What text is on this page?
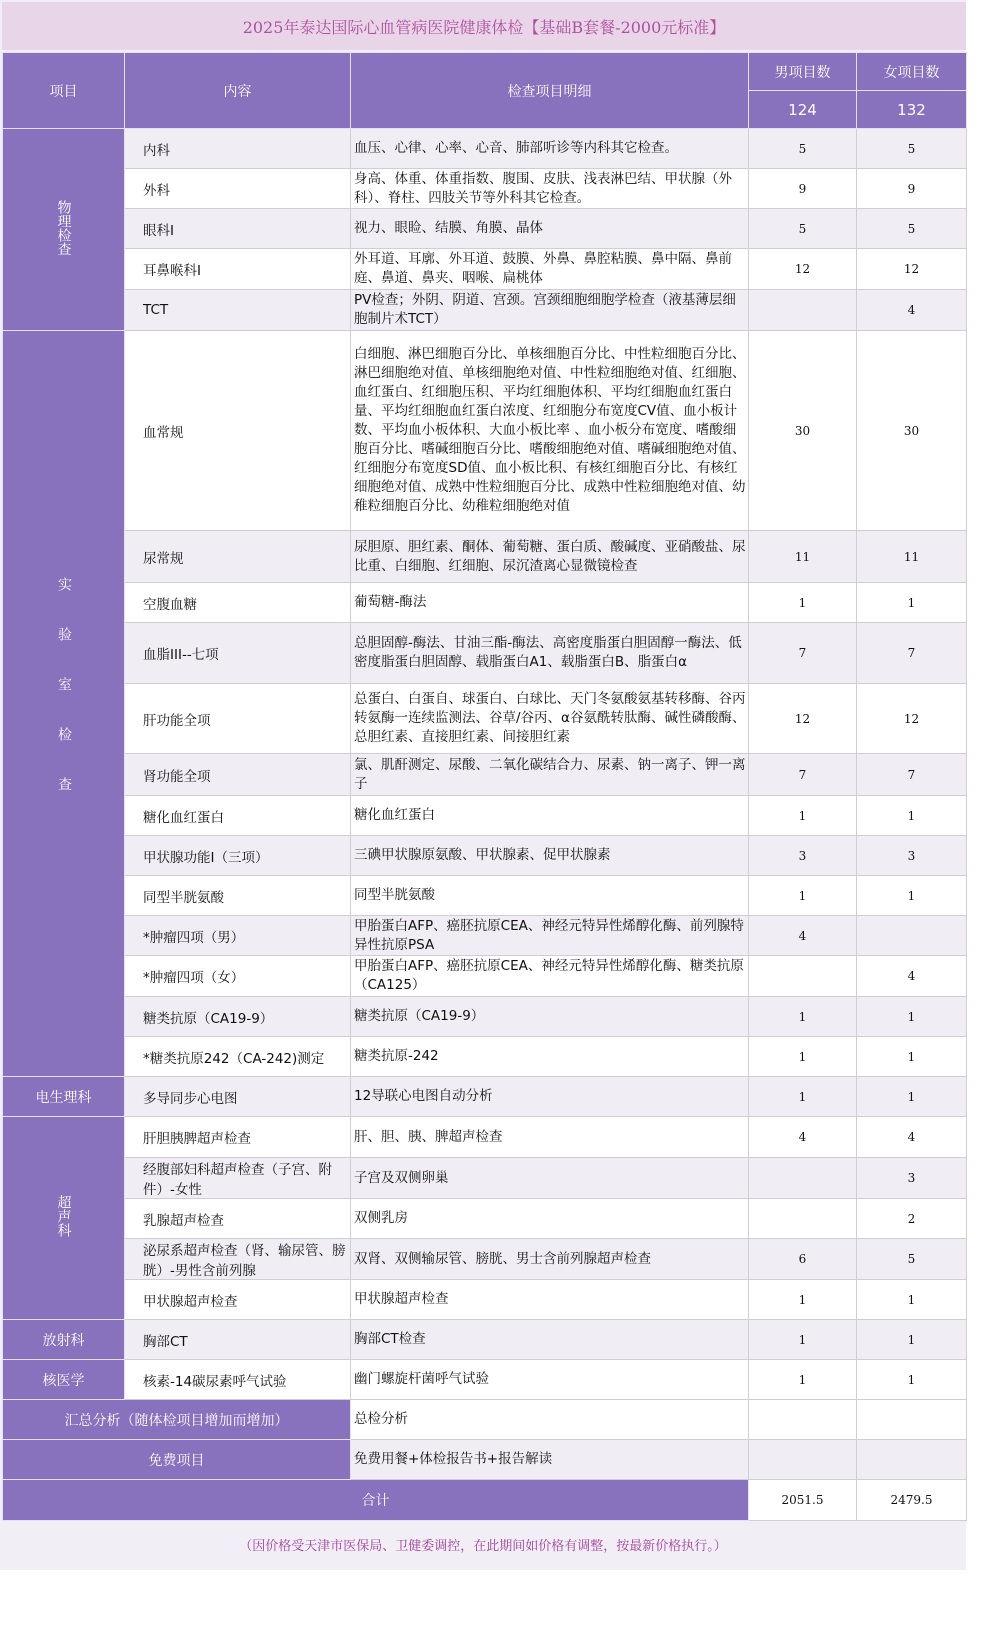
2025年泰达国际心血管病医院健康体检【基础B套餐-2000元标准】
项目	内容	检查项目明细	男项目数	女项目数
			124	132
物理检查	内科	血压、心律、心率、心音、肺部听诊等内科其它检查。	5	5
	外科	身高、体重、体重指数、腹围、皮肤、浅表淋巴结、甲状腺（外科）、脊柱、四肢关节等外科其它检查。	9	9
	眼科I	视力、眼睑、结膜、角膜、晶体	5	5
	耳鼻喉科I	外耳道、耳廓、外耳道、鼓膜、外鼻、鼻腔粘膜、鼻中隔、鼻前庭、鼻道、鼻夹、咽喉、扁桃体	12	12
	TCT	PV检查；外阴、阴道、宫颈。宫颈细胞细胞学检查（液基薄层细胞制片术TCT）		4
实验室检查	血常规	白细胞、淋巴细胞百分比、单核细胞百分比、中性粒细胞百分比、淋巴细胞绝对值、单核细胞绝对值、中性粒细胞绝对值、红细胞、血红蛋白、红细胞压积、平均红细胞体积、平均红细胞血红蛋白量、平均红细胞血红蛋白浓度、红细胞分布宽度CV值、血小板计数、平均血小板体积、大血小板比率 、血小板分布宽度、嗜酸细胞百分比、嗜碱细胞百分比、嗜酸细胞绝对值、嗜碱细胞绝对值、红细胞分布宽度SD值、血小板比积、有核红细胞百分比、有核红细胞绝对值、成熟中性粒细胞百分比、成熟中性粒细胞绝对值、幼稚粒细胞百分比、幼稚粒细胞绝对值	30	30
	尿常规	尿胆原、胆红素、酮体、葡萄糖、蛋白质、酸碱度、亚硝酸盐、尿比重、白细胞、红细胞、尿沉渣离心显微镜检查	11	11
	空腹血糖	葡萄糖-酶法	1	1
	血脂III--七项	总胆固醇-酶法、甘油三酯-酶法、高密度脂蛋白胆固醇一酶法、低密度脂蛋白胆固醇、载脂蛋白A1、载脂蛋白B、脂蛋白α	7	7
	肝功能全项	总蛋白、白蛋自、球蛋白、白球比、天门冬氨酸氨基转移酶、谷丙转氨酶一连续监测法、谷草/谷丙、α谷氨酰转肽酶、碱性磷酸酶、总胆红素、直接胆红素、间接胆红素	12	12
	肾功能全项	氯、肌酐测定、尿酸、二氧化碳结合力、尿素、钠一离子、钾一离子	7	7
	糖化血红蛋白	糖化血红蛋白	1	1
	甲状腺功能I（三项）	三碘甲状腺原氨酸、甲状腺素、促甲状腺素	3	3
	同型半胱氨酸	同型半胱氨酸	1	1
	*肿瘤四项（男）	甲胎蛋白AFP、癌胚抗原CEA、神经元特异性烯醇化酶、前列腺特异性抗原PSA	4	
	*肿瘤四项（女）	甲胎蛋白AFP、癌胚抗原CEA、神经元特异性烯醇化酶、糖类抗原（CA125）		4
	糖类抗原（CA19-9）	糖类抗原（CA19-9）	1	1
	*糖类抗原242（CA-242)测定	糖类抗原-242	1	1
电生理科	多导同步心电图	12导联心电图自动分析	1	1
超声科	肝胆胰脾超声检查	肝、胆、胰、脾超声检查	4	4
	经腹部妇科超声检查（子宫、附件）-女性	子宫及双侧卵巢		3
	乳腺超声检查	双侧乳房		2
	泌尿系超声检查（肾、输尿管、膀胱）-男性含前列腺	双肾、双侧输尿管、膀胱、男士含前列腺超声检查	6	5
	甲状腺超声检查	甲状腺超声检查	1	1
放射科	胸部CT	胸部CT检查	1	1
核医学	核素-14碳尿素呼气试验	幽门螺旋杆菌呼气试验	1	1
汇总分析（随体检项目增加而增加）		总检分析		
免费项目		免费用餐+体检报告书+报告解读		
合计			2051.5	2479.5
（因价格受天津市医保局、卫健委调控，在此期间如价格有调整，按最新价格执行。）
